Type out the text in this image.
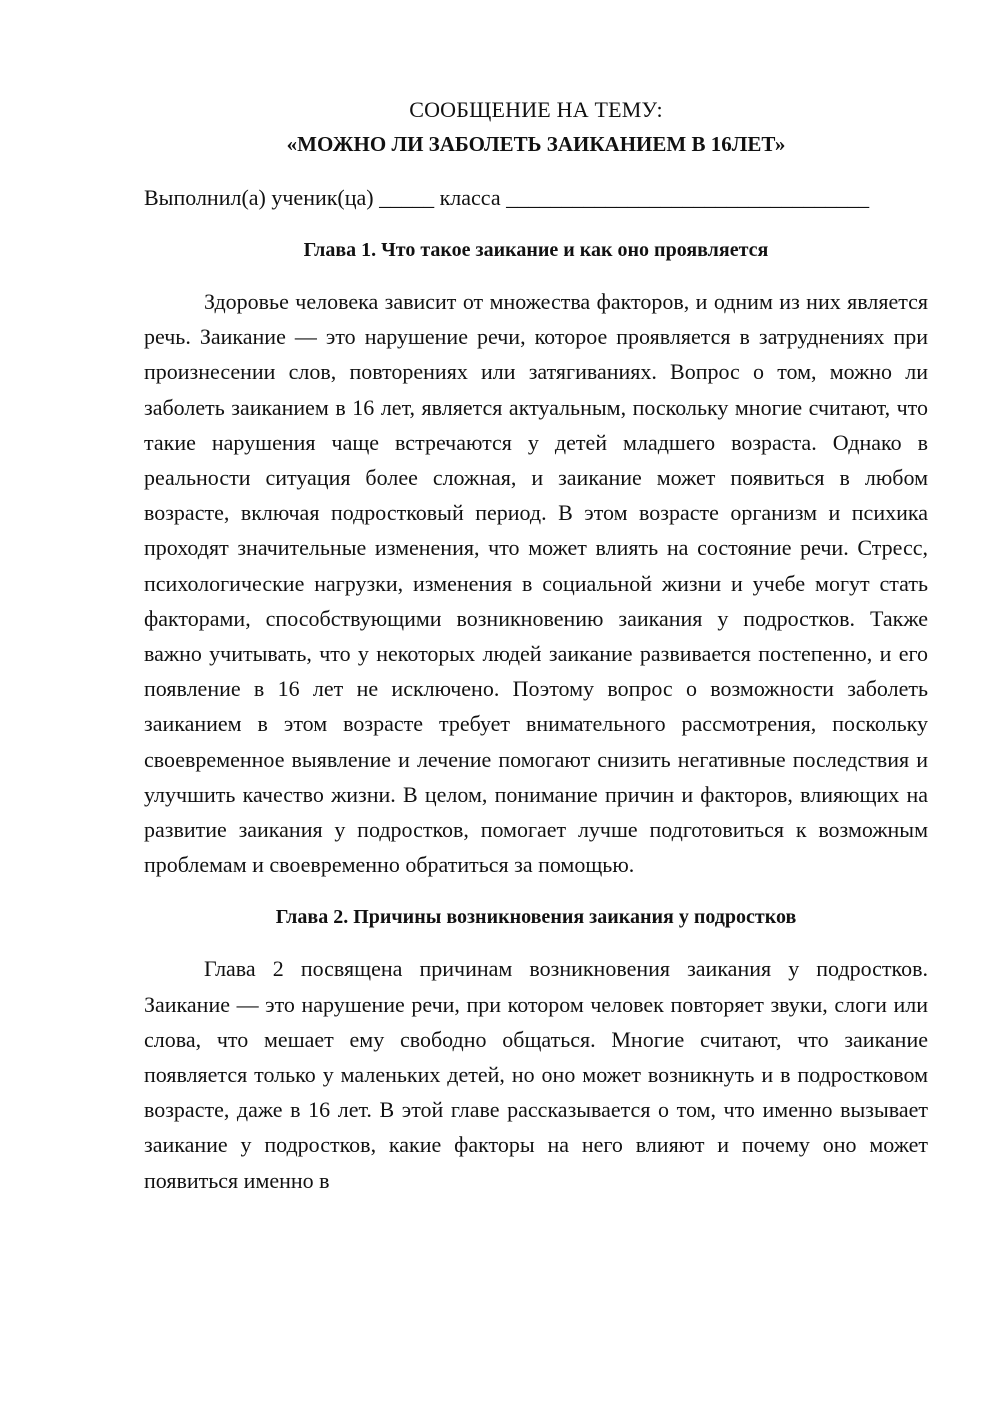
СООБЩЕНИЕ НА ТЕМУ:
«МОЖНО ЛИ ЗАБОЛЕТЬ ЗАИКАНИЕМ В 16ЛЕТ»
Выполнил(а) ученик(ца) _____ класса _________________________________
Глава 1. Что такое заикание и как оно проявляется

Здоровье человека зависит от множества факторов, и одним из них является речь. Заикание — это нарушение речи, которое проявляется в затруднениях при произнесении слов, повторениях или затягиваниях. Вопрос о том, можно ли заболеть заиканием в 16 лет, является актуальным, поскольку многие считают, что такие нарушения чаще встречаются у детей младшего возраста. Однако в реальности ситуация более сложная, и заикание может появиться в любом возрасте, включая подростковый период. В этом возрасте организм и психика проходят значительные изменения, что может влиять на состояние речи. Стресс, психологические нагрузки, изменения в социальной жизни и учебе могут стать факторами, способствующими возникновению заикания у подростков. Также важно учитывать, что у некоторых людей заикание развивается постепенно, и его появление в 16 лет не исключено. Поэтому вопрос о возможности заболеть заиканием в этом возрасте требует внимательного рассмотрения, поскольку своевременное выявление и лечение помогают снизить негативные последствия и улучшить качество жизни. В целом, понимание причин и факторов, влияющих на развитие заикания у подростков, помогает лучше подготовиться к возможным проблемам и своевременно обратиться за помощью.

Глава 2. Причины возникновения заикания у подростков

Глава 2 посвящена причинам возникновения заикания у подростков. Заикание — это нарушение речи, при котором человек повторяет звуки, слоги или слова, что мешает ему свободно общаться. Многие считают, что заикание появляется только у маленьких детей, но оно может возникнуть и в подростковом возрасте, даже в 16 лет. В этой главе рассказывается о том, что именно вызывает заикание у подростков, какие факторы на него влияют и почему оно может появиться именно в
